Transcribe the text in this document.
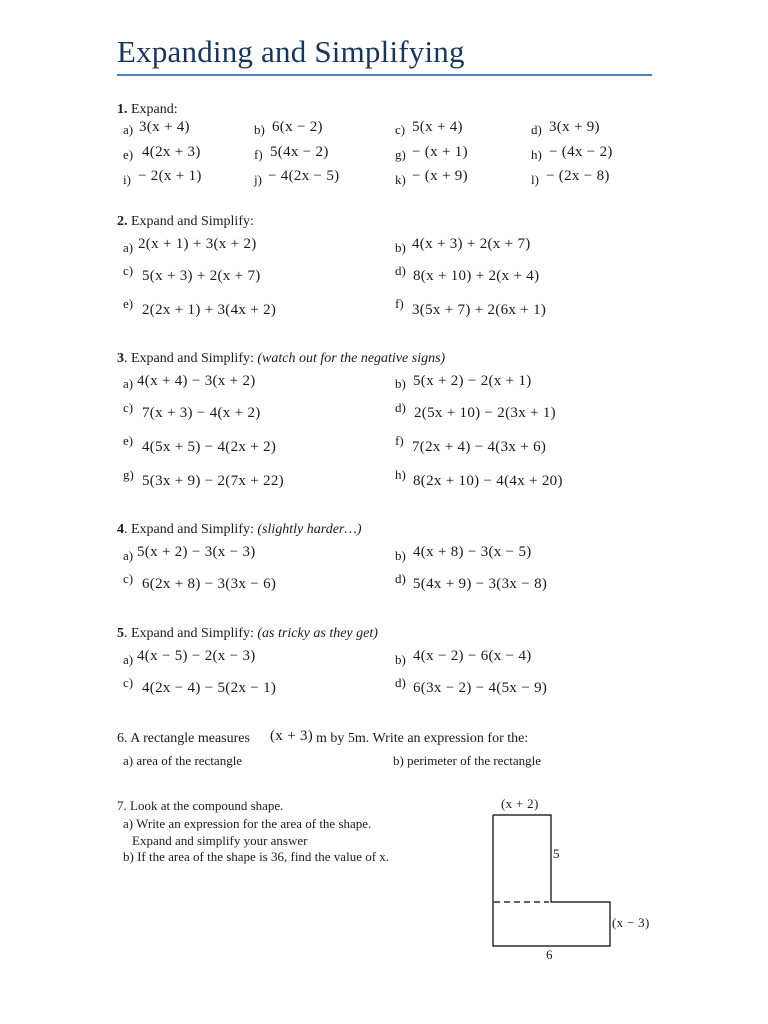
Expanding and Simplifying
1. Expand:
a) 3(x + 4)	b) 6(x − 2)	c) 5(x + 4)	d) 3(x + 9)
e) 4(2x + 3)	f) 5(4x − 2)	g) − (x + 1)	h) − (4x − 2)
i) − 2(x + 1)	j) − 4(2x − 5)	k) − (x + 9)	l) − (2x − 8)
2. Expand and Simplify:
a) 2(x + 1) + 3(x + 2)	b) 4(x + 3) + 2(x + 7)
c) 5(x + 3) + 2(x + 7)	d) 8(x + 10) + 2(x + 4)
e) 2(2x + 1) + 3(4x + 2)	f) 3(5x + 7) + 2(6x + 1)
3. Expand and Simplify: (watch out for the negative signs)
a) 4(x + 4) − 3(x + 2)	b) 5(x + 2) − 2(x + 1)
c) 7(x + 3) − 4(x + 2)	d) 2(5x + 10) − 2(3x + 1)
e) 4(5x + 5) − 4(2x + 2)	f) 7(2x + 4) − 4(3x + 6)
g) 5(3x + 9) − 2(7x + 22)	h) 8(2x + 10) − 4(4x + 20)
4. Expand and Simplify: (slightly harder…)
a) 5(x + 2) − 3(x − 3)	b) 4(x + 8) − 3(x − 5)
c) 6(2x + 8) − 3(3x − 6)	d) 5(4x + 9) − 3(3x − 8)
5. Expand and Simplify: (as tricky as they get)
a) 4(x − 5) − 2(x − 3)	b) 4(x − 2) − 6(x − 4)
c) 4(2x − 4) − 5(2x − 1)	d) 6(3x − 2) − 4(5x − 9)
6. A rectangle measures (x + 3) m by 5m. Write an expression for the:
a) area of the rectangle	b) perimeter of the rectangle
7. Look at the compound shape.
a) Write an expression for the area of the shape.
Expand and simplify your answer
b) If the area of the shape is 36, find the value of x.
(x + 2)
5
(x − 3)
6
